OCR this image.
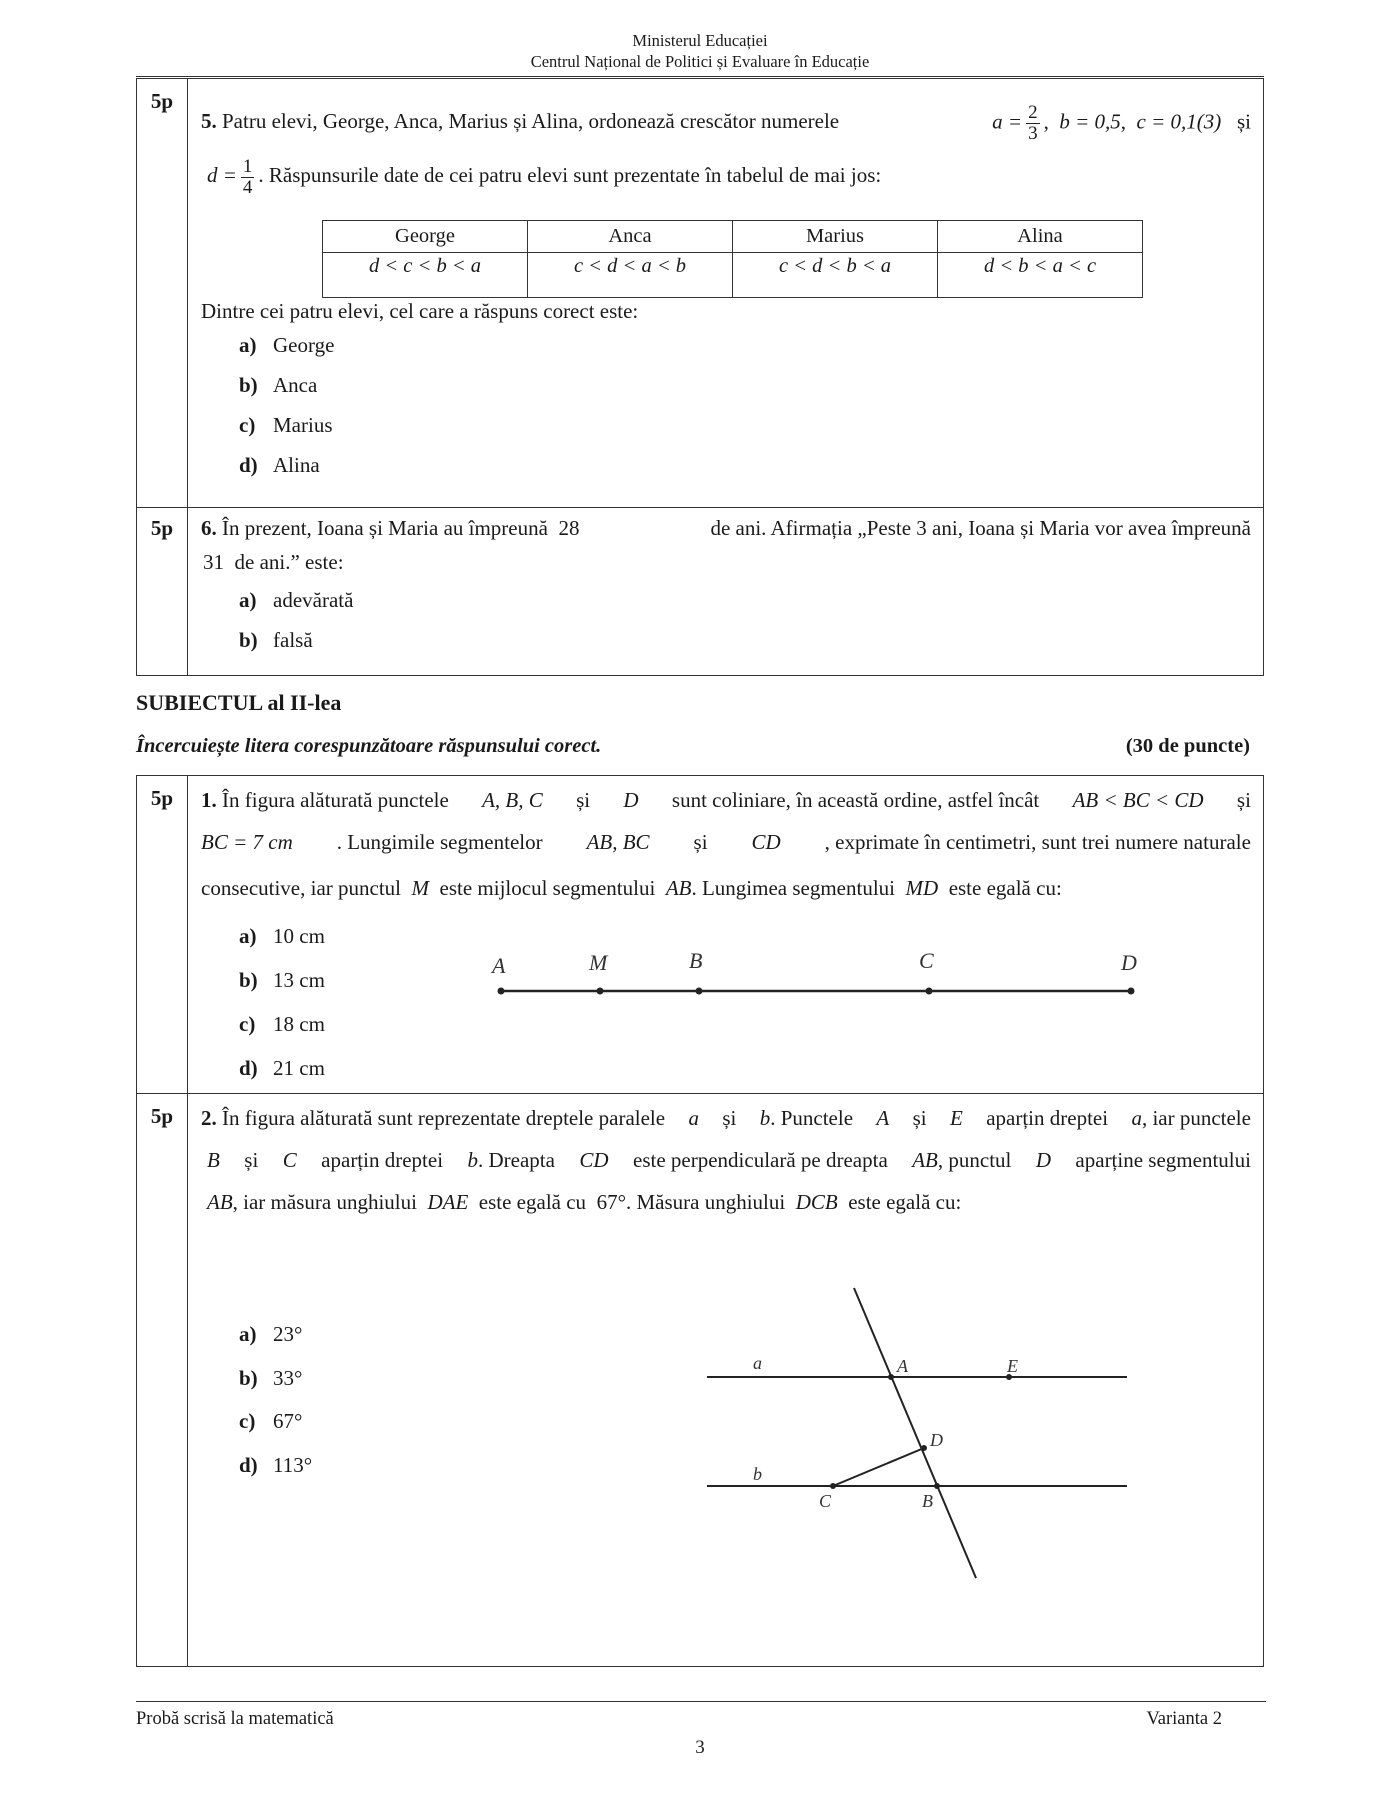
Ministerul Educației
Centrul Național de Politici și Evaluare în Educație
5p
5. Patru elevi, George, Anca, Marius și Alina, ordonează crescător numerele	$a = \frac{2}{3}$ ,  b = 0,5,  c = 0,1(3) și
$d = \frac{1}{4}$ . Răspunsurile date de cei patru elevi sunt prezentate în tabelul de mai jos:
George	Anca	Marius	Alina
d < c < b < a	c < d < a < b	c < d < b < a	d < b < a < c
Dintre cei patru elevi, cel care a răspuns corect este:
a) George
b) Anca
c) Marius
d) Alina
5p	6. În prezent, Ioana și Maria au împreună 28	de ani. Afirmația „Peste 3 ani, Ioana și Maria vor avea împreună
31 de ani.” este:
a) adevărată
b) falsă
SUBIECTUL al II-lea
Încercuiește litera corespunzătoare răspunsului corect.	(30 de puncte)
5p	1. În figura alăturată punctele A, B, C și D sunt coliniare, în această ordine, astfel încât AB < BC < CD și
BC = 7 cm . Lungimile segmentelor AB, BC și CD , exprimate în centimetri, sunt trei numere naturale
consecutive, iar punctul M este mijlocul segmentului AB. Lungimea segmentului MD este egală cu:
a) 10 cm
b) 13 cm
c) 18 cm
d) 21 cm
A	M	B	C	D
5p	2. În figura alăturată sunt reprezentate dreptele paralele a și b. Punctele A și E aparțin dreptei a, iar punctele
B și C aparțin dreptei b. Dreapta CD este perpendiculară pe dreapta AB, punctul D aparține segmentului
AB, iar măsura unghiului DAE este egală cu 67°. Măsura unghiului DCB este egală cu:
a) 23°
b) 33°
c) 67°
d) 113°
a	A	E
D
b
C	B
Probă scrisă la matematică	Varianta 2
3
